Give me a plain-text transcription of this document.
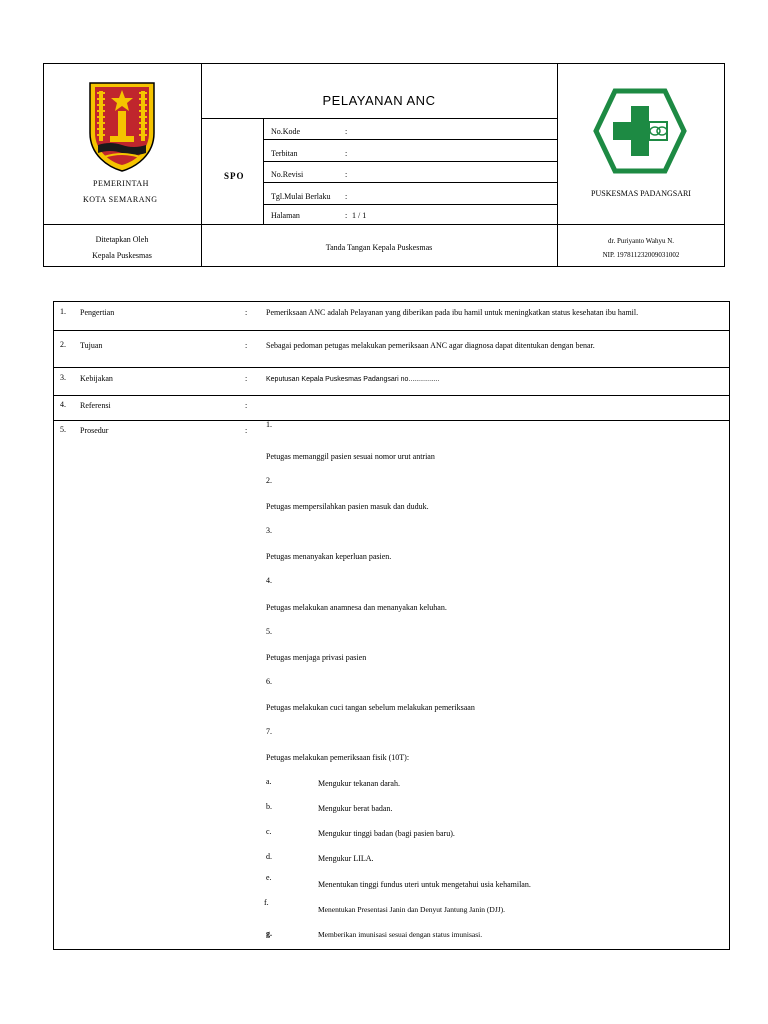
PEMERINTAH
KOTA SEMARANG
PELAYANAN ANC
SPO
No.Kode	:
Terbitan	:
No.Revisi	:
Tgl.Mulai Berlaku :
Halaman	: 1 / 1
PUSKESMAS PADANGSARI
Ditetapkan Oleh
Kepala Puskesmas
Tanda Tangan Kepala Puskesmas
dr. Puriyanto Wahyu N.
NIP. 197811232009031002
1. Pengertian	: Pemeriksaan ANC adalah Pelayanan yang diberikan pada ibu hamil untuk meningkatkan status kesehatan ibu hamil.
2. Tujuan	: Sebagai pedoman petugas melakukan pemeriksaan ANC agar diagnosa dapat ditentukan dengan benar.
3. Kebijakan	:	Keputusan Kepala Puskesmas Padangsari no................
4. Referensi	:
5. Prosedur	:
1.
Petugas memanggil pasien sesuai nomor urut antrian
2.
Petugas mempersilahkan pasien masuk dan duduk.
3.
Petugas menanyakan keperluan pasien.
4.
Petugas melakukan anamnesa dan menanyakan keluhan.
5.
Petugas menjaga privasi pasien
6.
Petugas melakukan cuci tangan sebelum melakukan pemeriksaan
7.
Petugas melakukan pemeriksaan fisik (10T):
a.	Mengukur tekanan darah.
b.	Mengukur berat badan.
c.	Mengukur tinggi badan (bagi pasien baru).
d.	Mengukur LILA.
e.
Menentukan tinggi fundus uteri untuk mengetahui usia kehamilan.
f.
Menentukan Presentasi Janin dan Denyut Jantung Janin (DJJ).
g.	Memberikan imunisasi sesuai dengan status imunisasi.
